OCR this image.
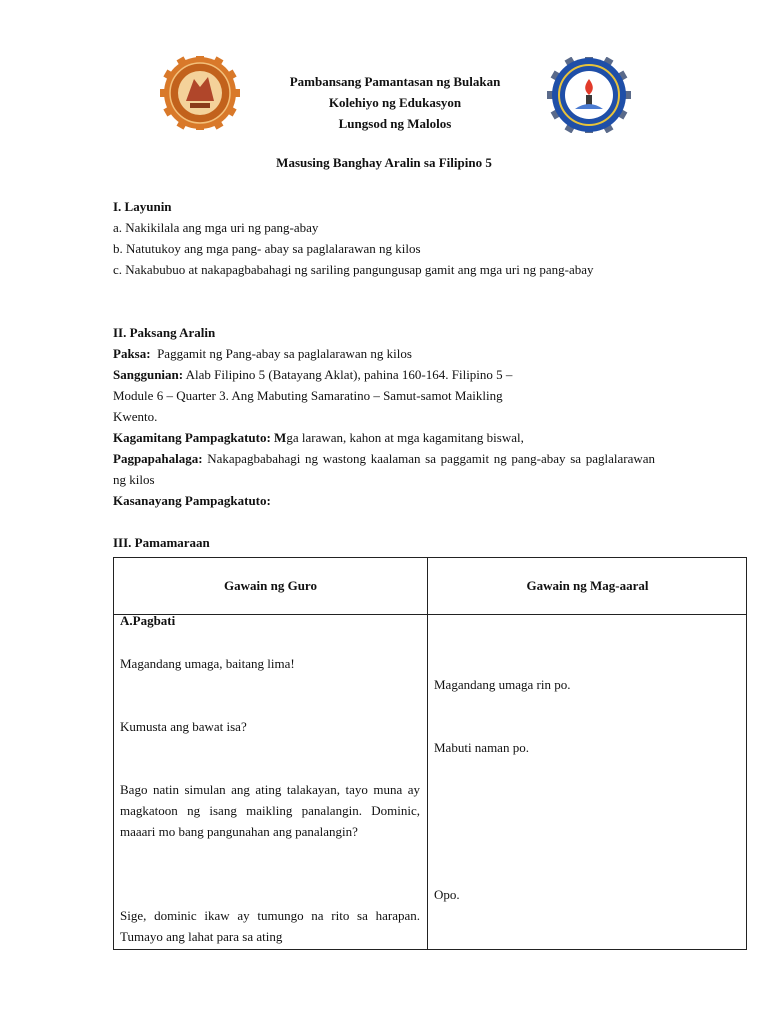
Pambansang Pamantasan ng Bulakan
Kolehiyo ng Edukasyon
Lungsod ng Malolos
Masusing Banghay Aralin sa Filipino 5

I. Layunin

a. Nakikilala ang mga uri ng pang-abay

b. Natutukoy ang mga pang- abay sa paglalarawan ng kilos

c. Nakabubuo at nakapagbabahagi ng sariling pangungusap gamit ang mga uri ng pang-abay

II. Paksang Aralin

Paksa: Paggamit ng Pang-abay sa paglalarawan ng kilos

Sanggunian: Alab Filipino 5 (Batayang Aklat), pahina 160-164. Filipino 5 –

Module 6 – Quarter 3. Ang Mabuting Samaratino – Samut-samot Maikling

Kwento.

Kagamitang Pampagkatuto: Mga larawan, kahon at mga kagamitang biswal,

Pagpapahalaga: Nakapagbabahagi ng wastong kaalaman sa paggamit ng pang-abay sa paglalarawan ng kilos

Kasanayang Pampagkatuto:

III. Pamamaraan

Gawain ng Guro	Gawain ng Mag-aaral
A.Pagbati
Magandang umaga, baitang lima!
Kumusta ang bawat isa?
Bago natin simulan ang ating talakayan, tayo muna ay magkatoon ng isang maikling panalangin. Dominic, maaari mo bang pangunahan ang panalangin?
Sige, dominic ikaw ay tumungo na rito sa harapan. Tumayo ang lahat para sa ating
Magandang umaga rin po.
Mabuti naman po.
Opo.
